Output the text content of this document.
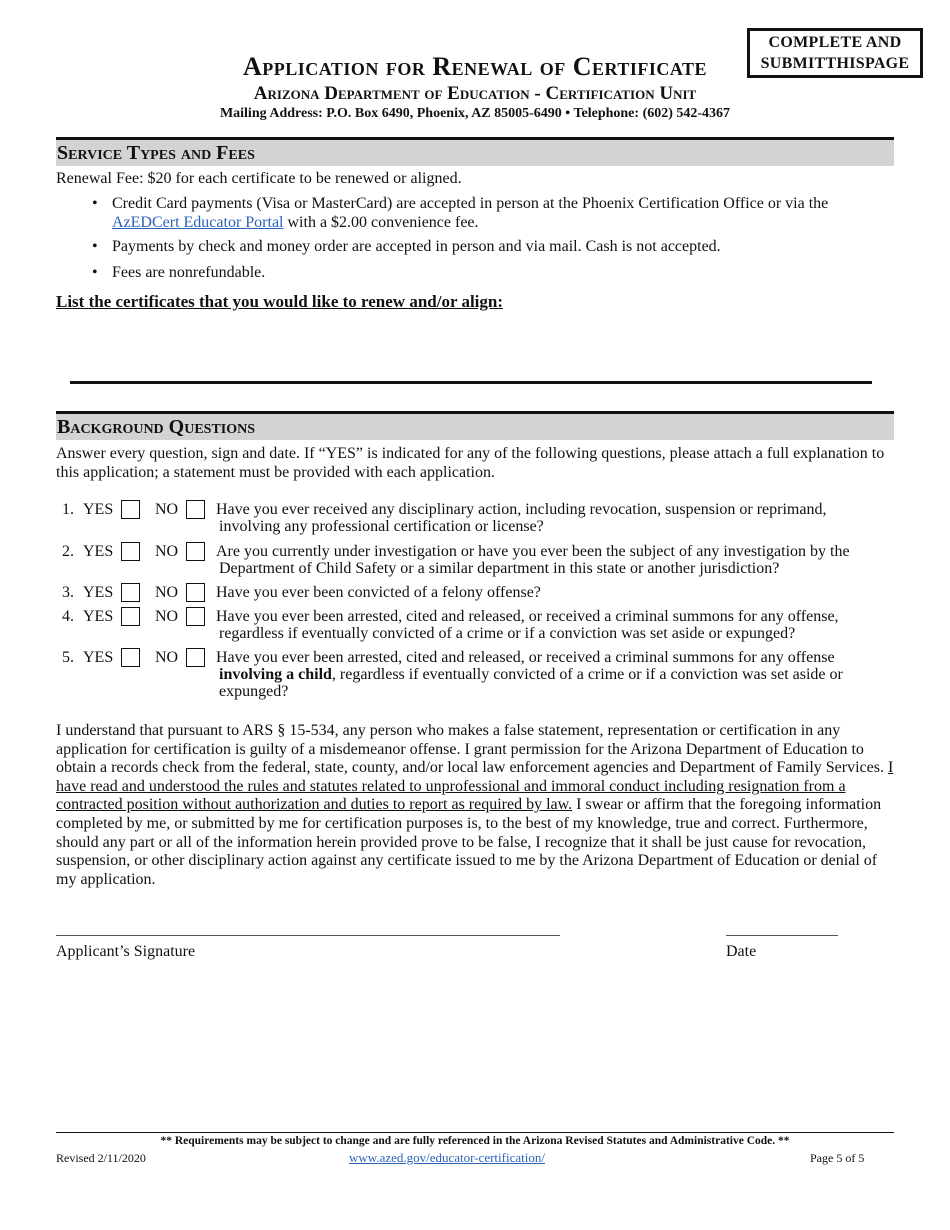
COMPLETE AND
SUBMITTHISPAGE
Application for Renewal of Certificate
Arizona Department of Education - Certification Unit
Mailing Address: P.O. Box 6490, Phoenix, AZ 85005-6490 • Telephone: (602) 542-4367
Service Types and Fees
Renewal Fee: $20 for each certificate to be renewed or aligned.
• Credit Card payments (Visa or MasterCard) are accepted in person at the Phoenix Certification Office or via the AzEDCert Educator Portal with a $2.00 convenience fee.
• Payments by check and money order are accepted in person and via mail. Cash is not accepted.
• Fees are nonrefundable.
List the certificates that you would like to renew and/or align:
Background Questions
Answer every question, sign and date. If “YES” is indicated for any of the following questions, please attach a full explanation to this application; a statement must be provided with each application.
1. YES	NO Have you ever received any disciplinary action, including revocation, suspension or reprimand,
involving any professional certification or license?
2. YES	NO Are you currently under investigation or have you ever been the subject of any investigation by the
Department of Child Safety or a similar department in this state or another jurisdiction?
3. YES	NO Have you ever been convicted of a felony offense?
4. YES	NO Have you ever been arrested, cited and released, or received a criminal summons for any offense,
regardless if eventually convicted of a crime or if a conviction was set aside or expunged?
5. YES	NO Have you ever been arrested, cited and released, or received a criminal summons for any offense
involving a child, regardless if eventually convicted of a crime or if a conviction was set aside or
expunged?
I understand that pursuant to ARS § 15-534, any person who makes a false statement, representation or certification in any application for certification is guilty of a misdemeanor offense. I grant permission for the Arizona Department of Education to obtain a records check from the federal, state, county, and/or local law enforcement agencies and Department of Family Services. I have read and understood the rules and statutes related to unprofessional and immoral conduct including resignation from a contracted position without authorization and duties to report as required by law. I swear or affirm that the foregoing information completed by me, or submitted by me for certification purposes is, to the best of my knowledge, true and correct. Furthermore, should any part or all of the information herein provided prove to be false, I recognize that it shall be just cause for revocation, suspension, or other disciplinary action against any certificate issued to me by the Arizona Department of Education or denial of my application.
Applicant’s Signature	Date
** Requirements may be subject to change and are fully referenced in the Arizona Revised Statutes and Administrative Code. **
Revised 2/11/2020	www.azed.gov/educator-certification/	Page 5 of 5
